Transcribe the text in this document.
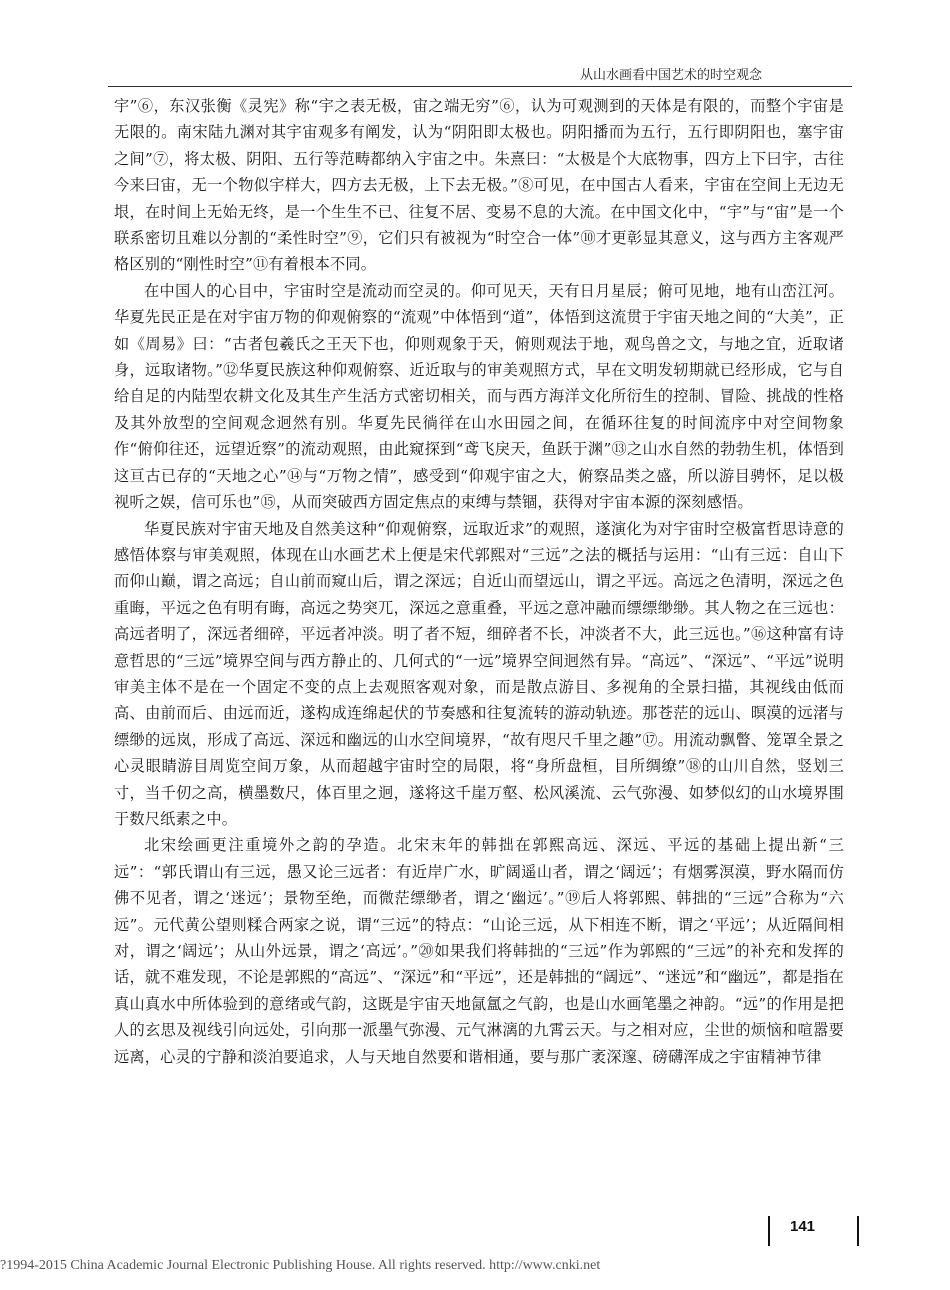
从山水画看中国艺术的时空观念

宇”⑥，东汉张衡《灵宪》称“宇之表无极，宙之端无穷”⑥，认为可观测到的天体是有限的，而整个宇宙是无限的。南宋陆九渊对其宇宙观多有阐发，认为“阴阳即太极也。阴阳播而为五行，五行即阴阳也，塞宇宙之间”⑦，将太极、阴阳、五行等范畴都纳入宇宙之中。朱熹曰：“太极是个大底物事，四方上下曰宇，古往今来曰宙，无一个物似宇样大，四方去无极，上下去无极。”⑧可见，在中国古人看来，宇宙在空间上无边无垠，在时间上无始无终，是一个生生不已、往复不居、变易不息的大流。在中国文化中，“宇”与“宙”是一个联系密切且难以分割的“柔性时空”⑨，它们只有被视为“时空合一体”⑩才更彰显其意义，这与西方主客观严格区别的“刚性时空”⑪有着根本不同。

在中国人的心目中，宇宙时空是流动而空灵的。仰可见天，天有日月星辰；俯可见地，地有山峦江河。华夏先民正是在对宇宙万物的仰观俯察的“流观”中体悟到“道”，体悟到这流贯于宇宙天地之间的“大美”，正如《周易》曰：“古者包羲氏之王天下也，仰则观象于天，俯则观法于地，观鸟兽之文，与地之宜，近取诸身，远取诸物。”⑫华夏民族这种仰观俯察、近近取与的审美观照方式，早在文明发轫期就已经形成，它与自给自足的内陆型农耕文化及其生产生活方式密切相关，而与西方海洋文化所衍生的控制、冒险、挑战的性格及其外放型的空间观念迥然有别。华夏先民徜徉在山水田园之间，在循环往复的时间流序中对空间物象作“俯仰往还，远望近察”的流动观照，由此窥探到“鸢飞戾天，鱼跃于渊”⑬之山水自然的勃勃生机，体悟到这亘古已存的“天地之心”⑭与“万物之情”，感受到“仰观宇宙之大，俯察品类之盛，所以游目骋怀，足以极视听之娱，信可乐也”⑮，从而突破西方固定焦点的束缚与禁锢，获得对宇宙本源的深刻感悟。

华夏民族对宇宙天地及自然美这种“仰观俯察，远取近求”的观照，遂演化为对宇宙时空极富哲思诗意的感悟体察与审美观照，体现在山水画艺术上便是宋代郭熙对“三远”之法的概括与运用：“山有三远：自山下而仰山巅，谓之高远；自山前而窥山后，谓之深远；自近山而望远山，谓之平远。高远之色清明，深远之色重晦，平远之色有明有晦，高远之势突兀，深远之意重叠，平远之意冲融而缥缥缈缈。其人物之在三远也：高远者明了，深远者细碎，平远者冲淡。明了者不短，细碎者不长，冲淡者不大，此三远也。”⑯这种富有诗意哲思的“三远”境界空间与西方静止的、几何式的“一远”境界空间迥然有异。“高远”、“深远”、“平远”说明审美主体不是在一个固定不变的点上去观照客观对象，而是散点游目、多视角的全景扫描，其视线由低而高、由前而后、由远而近，遂构成连绵起伏的节奏感和往复流转的游动轨迹。那苍茫的远山、暝漠的远渚与缥缈的远岚，形成了高远、深远和幽远的山水空间境界，“故有咫尺千里之趣”⑰。用流动飘瞥、笼罩全景之心灵眼睛游目周览空间万象，从而超越宇宙时空的局限，将“身所盘桓，目所绸缭”⑱的山川自然，竖划三寸，当千仞之高，横墨数尺，体百里之迥，遂将这千崖万壑、松风溪流、云气弥漫、如梦似幻的山水境界围于数尺纸素之中。

北宋绘画更注重境外之韵的孕造。北宋末年的韩拙在郭熙高远、深远、平远的基础上提出新“三远”：“郭氏谓山有三远，愚又论三远者：有近岸广水，旷阔遥山者，谓之‘阔远’；有烟雾溟漠，野水隔而仿佛不见者，谓之‘迷远’；景物至绝，而微茫缥缈者，谓之‘幽远’。”⑲后人将郭熙、韩拙的“三远”合称为“六远”。元代黄公望则糅合两家之说，谓“三远”的特点：“山论三远，从下相连不断，谓之‘平远’；从近隔间相对，谓之‘阔远’；从山外远景，谓之‘高远’。”⑳如果我们将韩拙的“三远”作为郭熙的“三远”的补充和发挥的话，就不难发现，不论是郭熙的“高远”、“深远”和“平远”，还是韩拙的“阔远”、“迷远”和“幽远”，都是指在真山真水中所体验到的意绪或气韵，这既是宇宙天地氤氲之气韵，也是山水画笔墨之神韵。“远”的作用是把人的玄思及视线引向远处，引向那一派墨气弥漫、元气淋漓的九霄云天。与之相对应，尘世的烦恼和喧嚣要远离，心灵的宁静和淡泊要追求，人与天地自然要和谐相通，要与那广袤深邃、磅礴浑成之宇宙精神节律

141
?1994-2015 China Academic Journal Electronic Publishing House. All rights reserved. http://www.cnki.net
